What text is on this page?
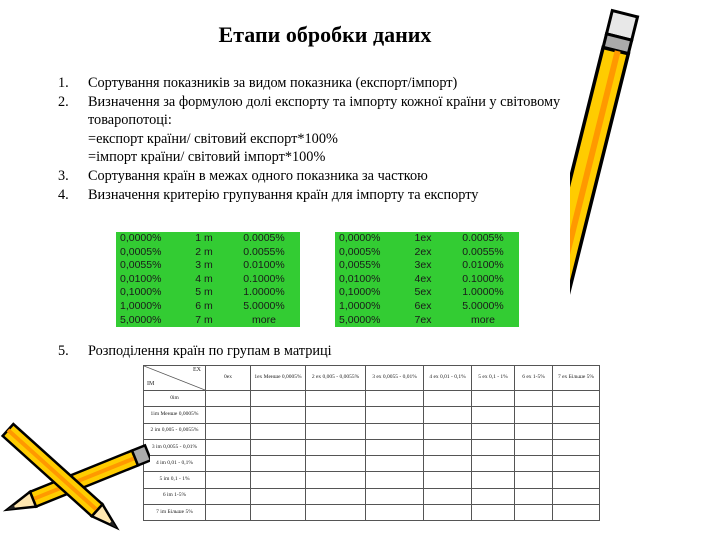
Етапи обробки даних
1. Сортування показників за видом показника (експорт/імпорт)
2. Визначення за формулою долі експорту та імпорту кожної країни у світовому
товаропотоці:
=експорт країни/ світовий експорт*100%
=імпорт країни/ світовий імпорт*100%
3. Сортування країн в межах одного показника за часткою
4. Визначення критерію групування країн для імпорту та експорту
0,0000%	1 m	0.0005%
0,0005%	2 m	0.0055%
0,0055%	3 m	0.0100%
0,0100%	4 m	0.1000%
0,1000%	5 m	1.0000%
1,0000%	6 m	5.0000%
5,0000%	7 m	more
0,0000%	1ex	0.0005%
0,0005%	2ex	0.0055%
0,0055%	3ex	0.0100%
0,0100%	4ex	0.1000%
0,1000%	5ex	1.0000%
1,0000%	6ex	5.0000%
5,0000%	7ex	more
5. Розподілення країн по групам в матриці
EX
IM	0ex	1ex Менше 0,0005%	2 ex 0,005 - 0,0055%	3 ex 0,0055 - 0,01%	4 ex 0,01 - 0,1%	5 ex 0,1 - 1%	6 ex 1-5%	7 ex Більше 5%
0im								
1im Менше 0,0005%								
2 im 0,005 - 0,0055%								
3 im 0,0055 - 0,01%								
4 im 0,01 - 0,1%								
5 im 0,1 - 1%								
6 im 1-5%								
7 im Більше 5%								
